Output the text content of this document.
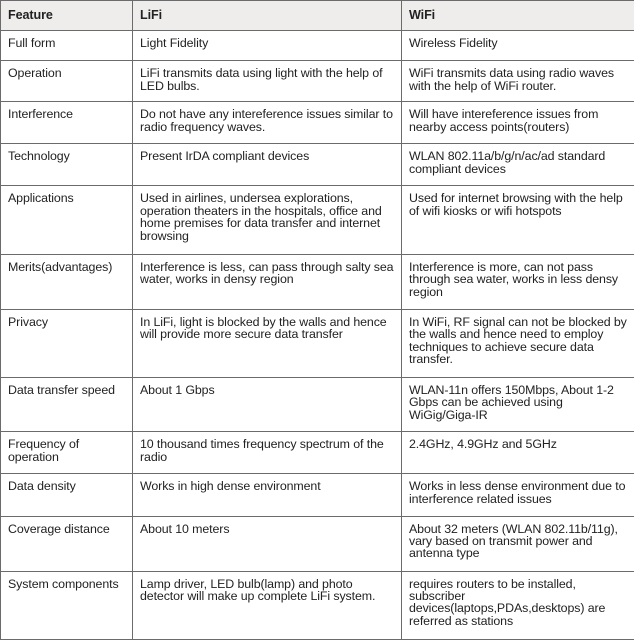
Feature	LiFi	WiFi
Full form	Light Fidelity	Wireless Fidelity
Operation	LiFi transmits data using light with the help of LED bulbs.	WiFi transmits data using radio waves with the help of WiFi router.
Interference	Do not have any intereference issues similar to radio frequency waves.	Will have intereference issues from nearby access points(routers)
Technology	Present IrDA compliant devices	WLAN 802.11a/b/g/n/ac/ad standard compliant devices
Applications	Used in airlines, undersea explorations, operation theaters in the hospitals, office and home premises for data transfer and internet browsing	Used for internet browsing with the help of wifi kiosks or wifi hotspots
Merits(advantages)	Interference is less, can pass through salty sea water, works in densy region	Interference is more, can not pass through sea water, works in less densy region
Privacy	In LiFi, light is blocked by the walls and hence will provide more secure data transfer	In WiFi, RF signal can not be blocked by the walls and hence need to employ techniques to achieve secure data transfer.
Data transfer speed	About 1 Gbps	WLAN-11n offers 150Mbps, About 1-2 Gbps can be achieved using WiGig/Giga-IR
Frequency of operation	10 thousand times frequency spectrum of the radio	2.4GHz, 4.9GHz and 5GHz
Data density	Works in high dense environment	Works in less dense environment due to interference related issues
Coverage distance	About 10 meters	About 32 meters (WLAN 802.11b/11g), vary based on transmit power and antenna type
System components	Lamp driver, LED bulb(lamp) and photo detector will make up complete LiFi system.	requires routers to be installed, subscriber devices(laptops,PDAs,desktops) are referred as stations
